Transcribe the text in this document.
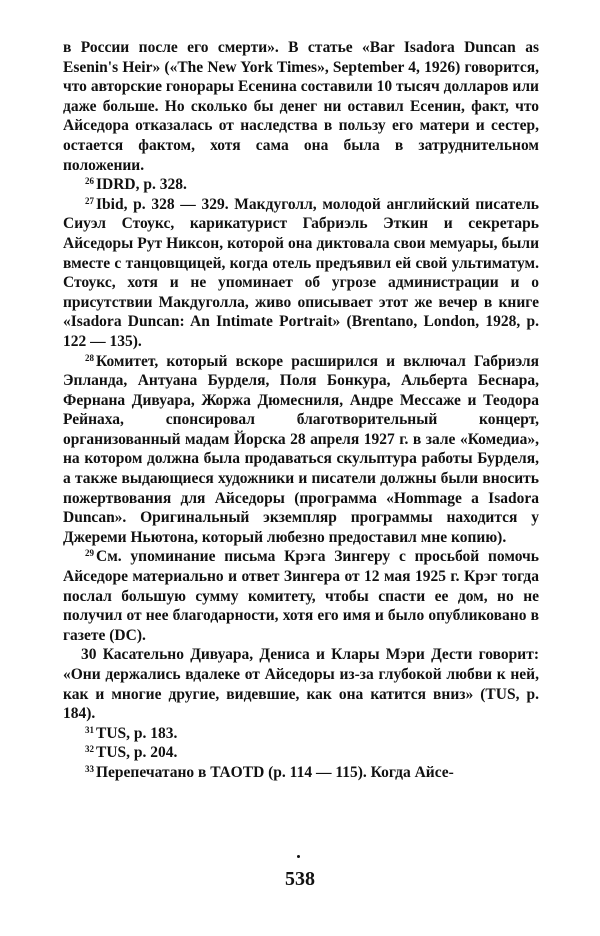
в России после его смерти». В статье «Bar Isadora Duncan as Esenin's Heir» («The New York Times», September 4, 1926) говорится, что авторские гонорары Есенина составили 10 тысяч долларов или даже больше. Но сколько бы денег ни оставил Есенин, факт, что Айседора отказалась от наследства в пользу его матери и сестер, остается фактом, хотя сама она была в затруднительном положении.

$^{26}$ IDRD, p. 328.

$^{27}$ Ibid, p. 328 — 329. Макдуголл, молодой английский писатель Сиуэл Стоукс, карикатурист Габриэль Эткин и секретарь Айседоры Рут Никсон, которой она диктовала свои мемуары, были вместе с танцовщицей, когда отель предъявил ей свой ультиматум. Стоукс, хотя и не упоминает об угрозе администрации и о присутствии Макдуголла, живо описывает этот же вечер в книге «Isadora Duncan: An Intimate Portrait» (Brentano, London, 1928, p. 122 — 135).

$^{28}$ Комитет, который вскоре расширился и включал Габриэля Эпланда, Антуана Бурделя, Поля Бонкура, Альберта Беснара, Фернана Дивуара, Жоржа Дюмесниля, Андре Мессаже и Теодора Рейнаха, спонсировал благотворительный концерт, организованный мадам Йорска 28 апреля 1927 г. в зале «Комедиа», на котором должна была продаваться скульптура работы Бурделя, а также выдающиеся художники и писатели должны были вносить пожертвования для Айседоры (программа «Hommage a Isadora Duncan». Оригинальный экземпляр программы находится у Джереми Ньютона, который любезно предоставил мне копию).

$^{29}$ См. упоминание письма Крэга Зингеру с просьбой помочь Айседоре материально и ответ Зингера от 12 мая 1925 г. Крэг тогда послал большую сумму комитету, чтобы спасти ее дом, но не получил от нее благодарности, хотя его имя и было опубликовано в газете (DC).

30 Касательно Дивуара, Дениса и Клары Мэри Дести говорит: «Они держались вдалеке от Айседоры из-за глубокой любви к ней, как и многие другие, видевшие, как она катится вниз» (TUS, p. 184).

$^{31}$ TUS, p. 183.

$^{32}$ TUS, p. 204.

$^{33}$ Перепечатано в TAOTD (p. 114 — 115). Когда Айсе-

538
